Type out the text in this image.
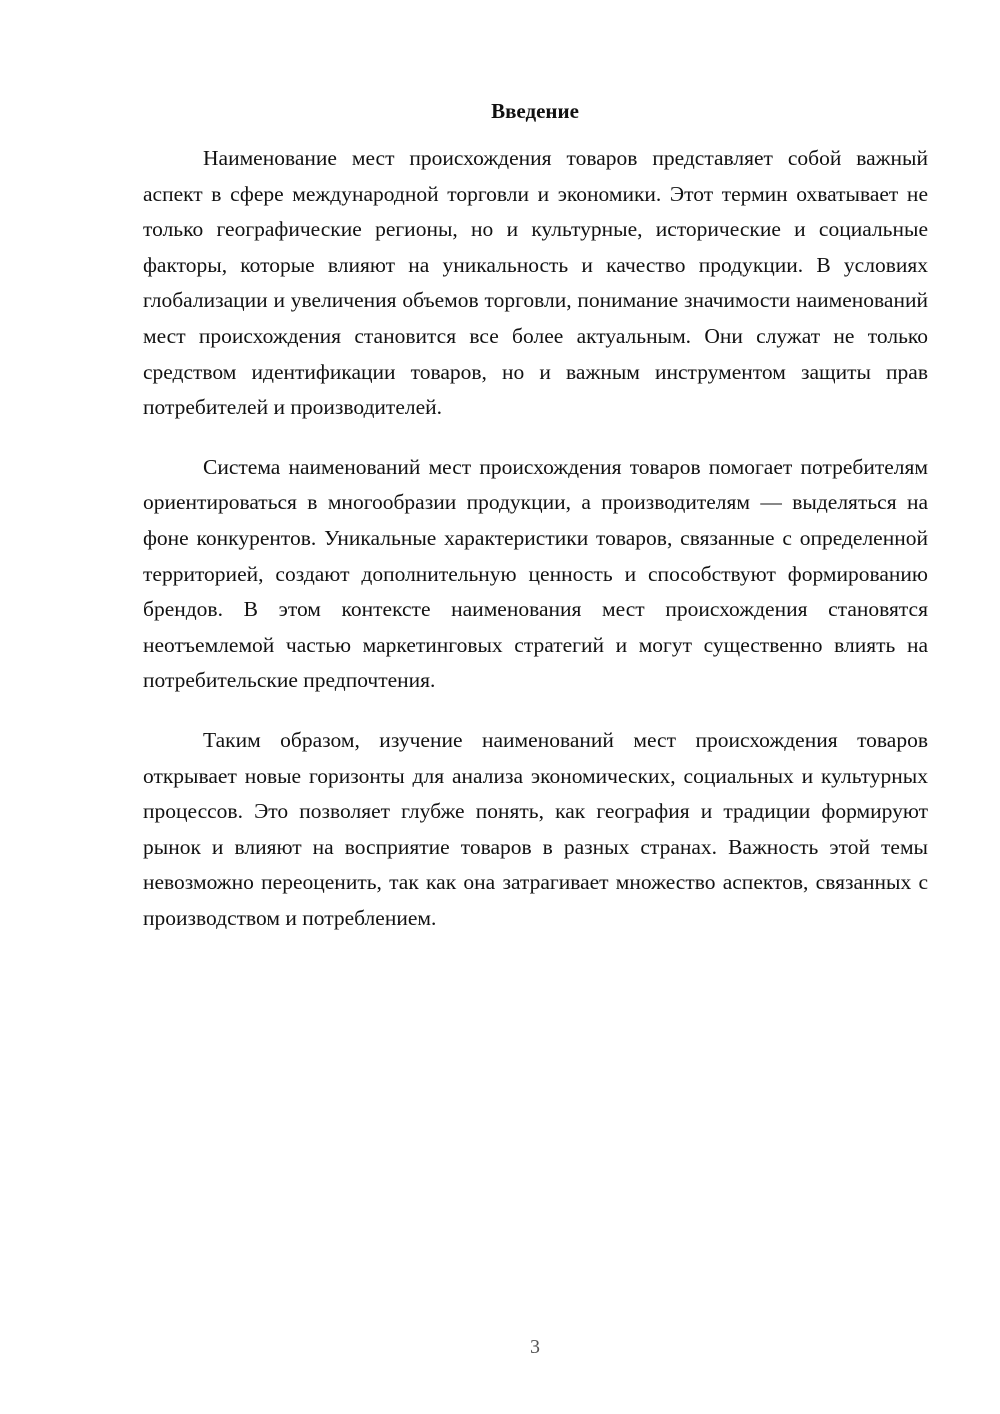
Введение

Наименование мест происхождения товаров представляет собой важный аспект в сфере международной торговли и экономики. Этот термин охватывает не только географические регионы, но и культурные, исторические и социальные факторы, которые влияют на уникальность и качество продукции. В условиях глобализации и увеличения объемов торговли, понимание значимости наименований мест происхождения становится все более актуальным. Они служат не только средством идентификации товаров, но и важным инструментом защиты прав потребителей и производителей.

Система наименований мест происхождения товаров помогает потребителям ориентироваться в многообразии продукции, а производителям — выделяться на фоне конкурентов. Уникальные характеристики товаров, связанные с определенной территорией, создают дополнительную ценность и способствуют формированию брендов. В этом контексте наименования мест происхождения становятся неотъемлемой частью маркетинговых стратегий и могут существенно влиять на потребительские предпочтения.

Таким образом, изучение наименований мест происхождения товаров открывает новые горизонты для анализа экономических, социальных и культурных процессов. Это позволяет глубже понять, как география и традиции формируют рынок и влияют на восприятие товаров в разных странах. Важность этой темы невозможно переоценить, так как она затрагивает множество аспектов, связанных с производством и потреблением.

3
